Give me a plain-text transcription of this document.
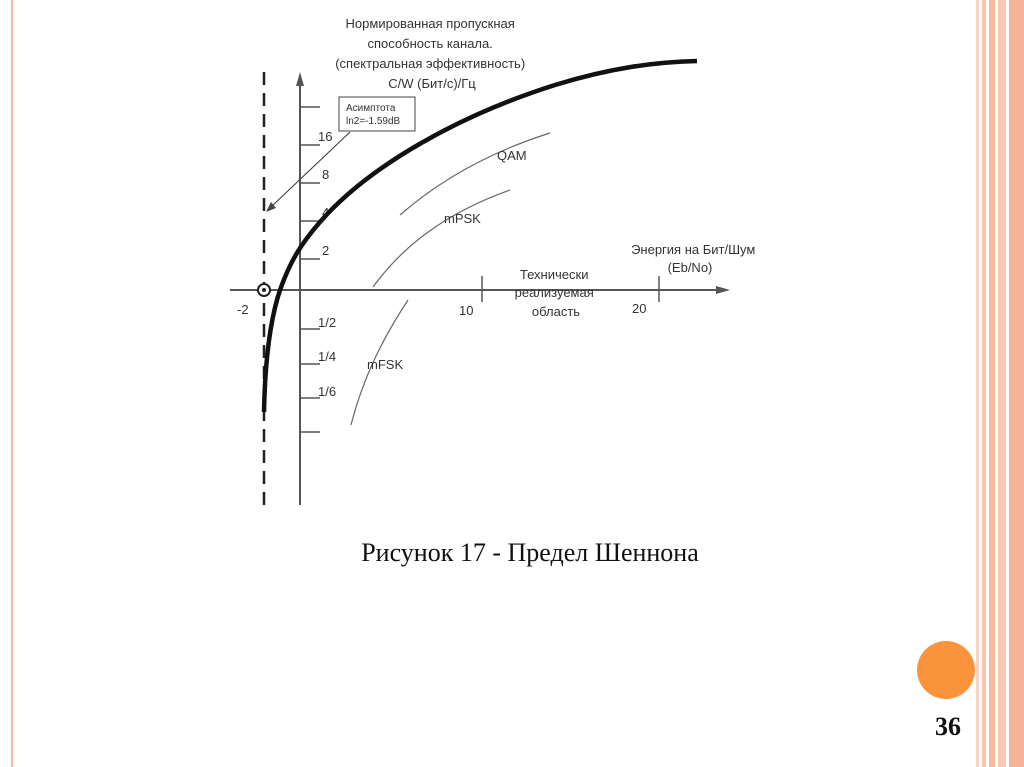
Нормированная пропускная способность канала. (спектральная эффективность) C/W (Бит/с)/Гц
16
8
4
2
1/2
1/4
1/6
-2	10	20
Энергия на Бит/Шум (Eb/No)
Технически реализуемая область
Асимптота ln2=-1.59dB
QAM
mPSK
mFSK
Рисунок 17 - Предел Шеннона
36
